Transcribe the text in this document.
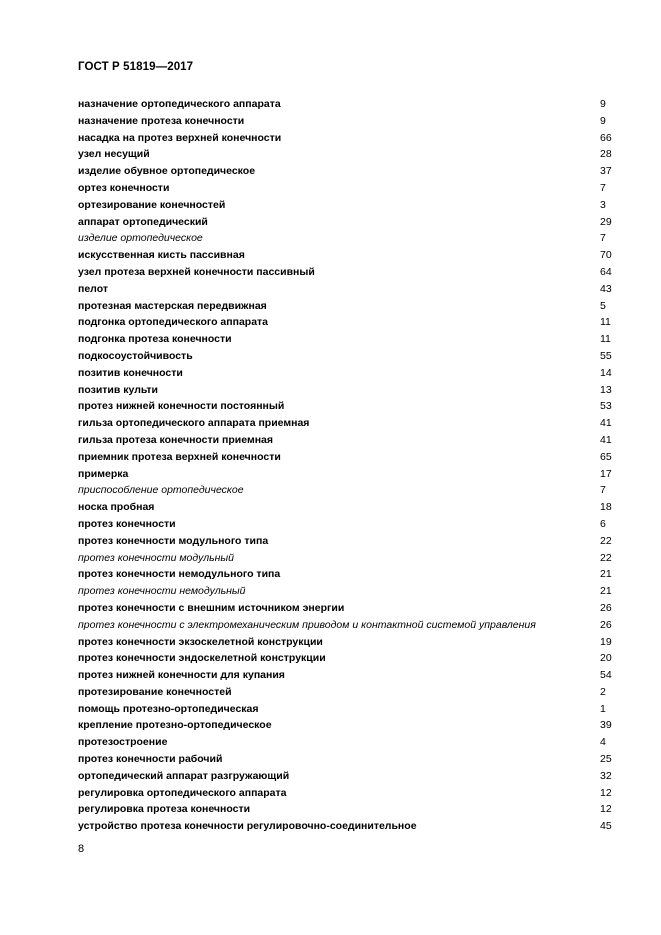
ГОСТ Р 51819—2017
назначение ортопедического аппарата	9
назначение протеза конечности	9
насадка на протез верхней конечности	66
узел несущий	28
изделие обувное ортопедическое	37
ортез конечности	7
ортезирование конечностей	3
аппарат ортопедический	29
изделие ортопедическое	7
искусственная кисть пассивная	70
узел протеза верхней конечности пассивный	64
пелот	43
протезная мастерская передвижная	5
подгонка ортопедического аппарата	11
подгонка протеза конечности	11
подкосоустойчивость	55
позитив конечности	14
позитив культи	13
протез нижней конечности постоянный	53
гильза ортопедического аппарата приемная	41
гильза протеза конечности приемная	41
приемник протеза верхней конечности	65
примерка	17
приспособление ортопедическое	7
носка пробная	18
протез конечности	6
протез конечности модульного типа	22
протез конечности модульный	22
протез конечности немодульного типа	21
протез конечности немодульный	21
протез конечности с внешним источником энергии	26
протез конечности с электромеханическим приводом и контактной системой управления	26
протез конечности экзоскелетной конструкции	19
протез конечности эндоскелетной конструкции	20
протез нижней конечности для купания	54
протезирование конечностей	2
помощь протезно-ортопедическая	1
крепление протезно-ортопедическое	39
протезостроение	4
протез конечности рабочий	25
ортопедический аппарат разгружающий	32
регулировка ортопедического аппарата	12
регулировка протеза конечности	12
устройство протеза конечности регулировочно-соединительное	45
8
